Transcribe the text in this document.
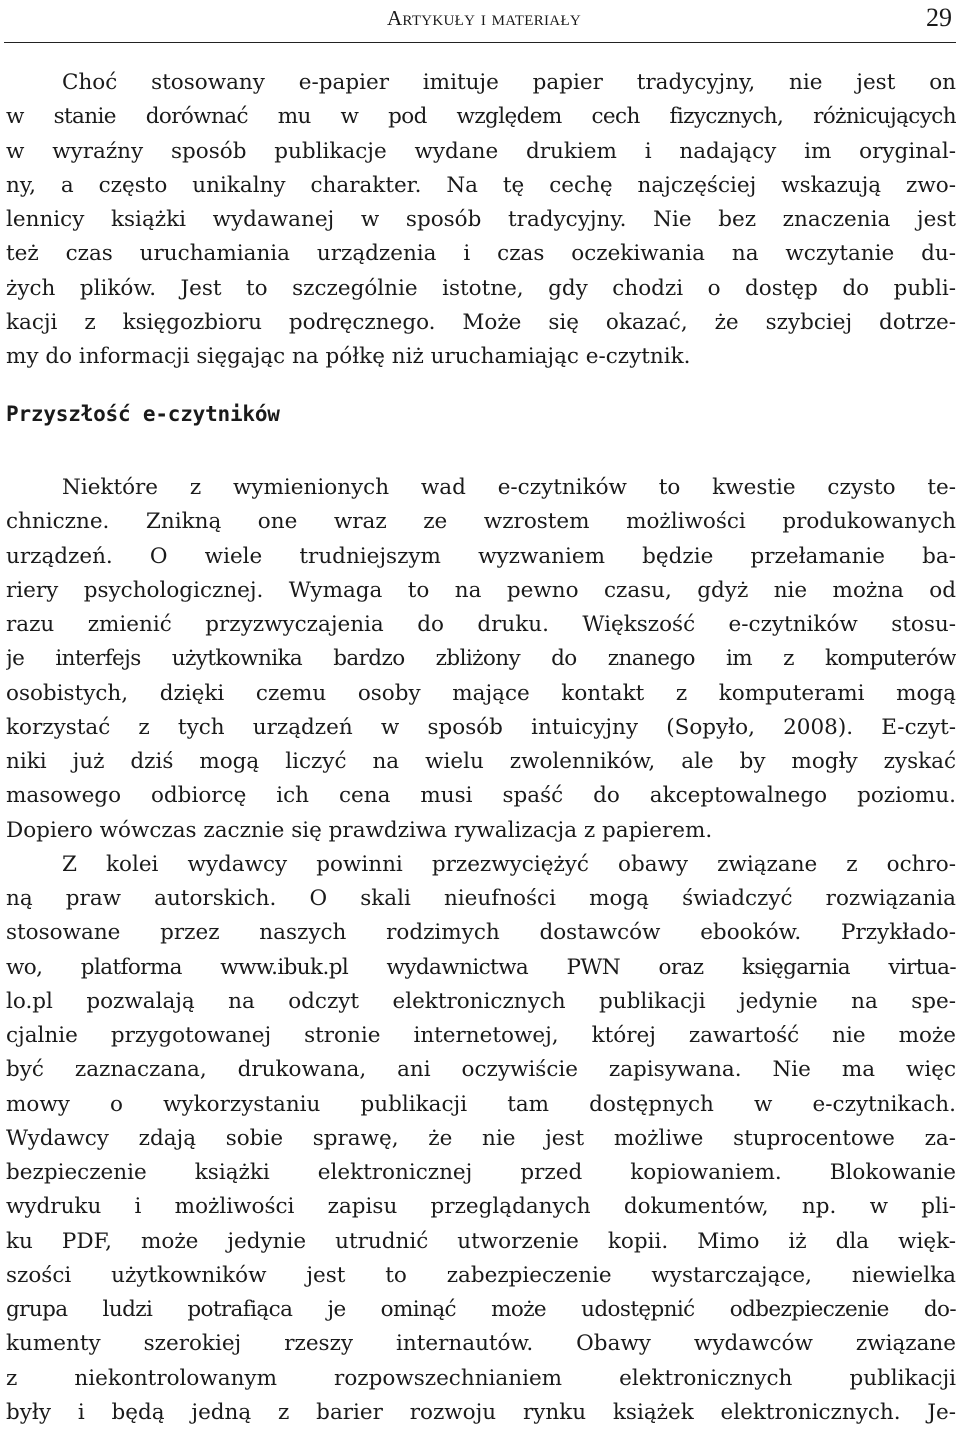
Artykuły i materiały	29
Choć stosowany e-papier imituje papier tradycyjny, nie jest on
w stanie dorównać mu w pod względem cech fizycznych, różnicujących
w wyraźny sposób publikacje wydane drukiem i nadający im oryginal-
ny, a często unikalny charakter. Na tę cechę najczęściej wskazują zwo-
lennicy książki wydawanej w sposób tradycyjny. Nie bez znaczenia jest
też czas uruchamiania urządzenia i czas oczekiwania na wczytanie du-
żych plików. Jest to szczególnie istotne, gdy chodzi o dostęp do publi-
kacji z księgozbioru podręcznego. Może się okazać, że szybciej dotrze-
my do informacji sięgając na półkę niż uruchamiając e-czytnik.
Przyszłość e-czytników
Niektóre z wymienionych wad e-czytników to kwestie czysto te-
chniczne. Znikną one wraz ze wzrostem możliwości produkowanych
urządzeń. O wiele trudniejszym wyzwaniem będzie przełamanie ba-
riery psychologicznej. Wymaga to na pewno czasu, gdyż nie można od
razu zmienić przyzwyczajenia do druku. Większość e-czytników stosu-
je interfejs użytkownika bardzo zbliżony do znanego im z komputerów
osobistych, dzięki czemu osoby mające kontakt z komputerami mogą
korzystać z tych urządzeń w sposób intuicyjny (Sopyło, 2008). E-czyt-
niki już dziś mogą liczyć na wielu zwolenników, ale by mogły zyskać
masowego odbiorcę ich cena musi spaść do akceptowalnego poziomu.
Dopiero wówczas zacznie się prawdziwa rywalizacja z papierem.
Z kolei wydawcy powinni przezwyciężyć obawy związane z ochro-
ną praw autorskich. O skali nieufności mogą świadczyć rozwiązania
stosowane przez naszych rodzimych dostawców ebooków. Przykłado-
wo, platforma www.ibuk.pl wydawnictwa PWN oraz księgarnia virtua-
lo.pl pozwalają na odczyt elektronicznych publikacji jedynie na spe-
cjalnie przygotowanej stronie internetowej, której zawartość nie może
być zaznaczana, drukowana, ani oczywiście zapisywana. Nie ma więc
mowy o wykorzystaniu publikacji tam dostępnych w e-czytnikach.
Wydawcy zdają sobie sprawę, że nie jest możliwe stuprocentowe za-
bezpieczenie książki elektronicznej przed kopiowaniem. Blokowanie
wydruku i możliwości zapisu przeglądanych dokumentów, np. w pli-
ku PDF, może jedynie utrudnić utworzenie kopii. Mimo iż dla więk-
szości użytkowników jest to zabezpieczenie wystarczające, niewielka
grupa ludzi potrafiąca je ominąć może udostępnić odbezpieczenie do-
kumenty szerokiej rzeszy internautów. Obawy wydawców związane
z niekontrolowanym rozpowszechnianiem elektronicznych publikacji
były i będą jedną z barier rozwoju rynku książek elektronicznych. Je-
